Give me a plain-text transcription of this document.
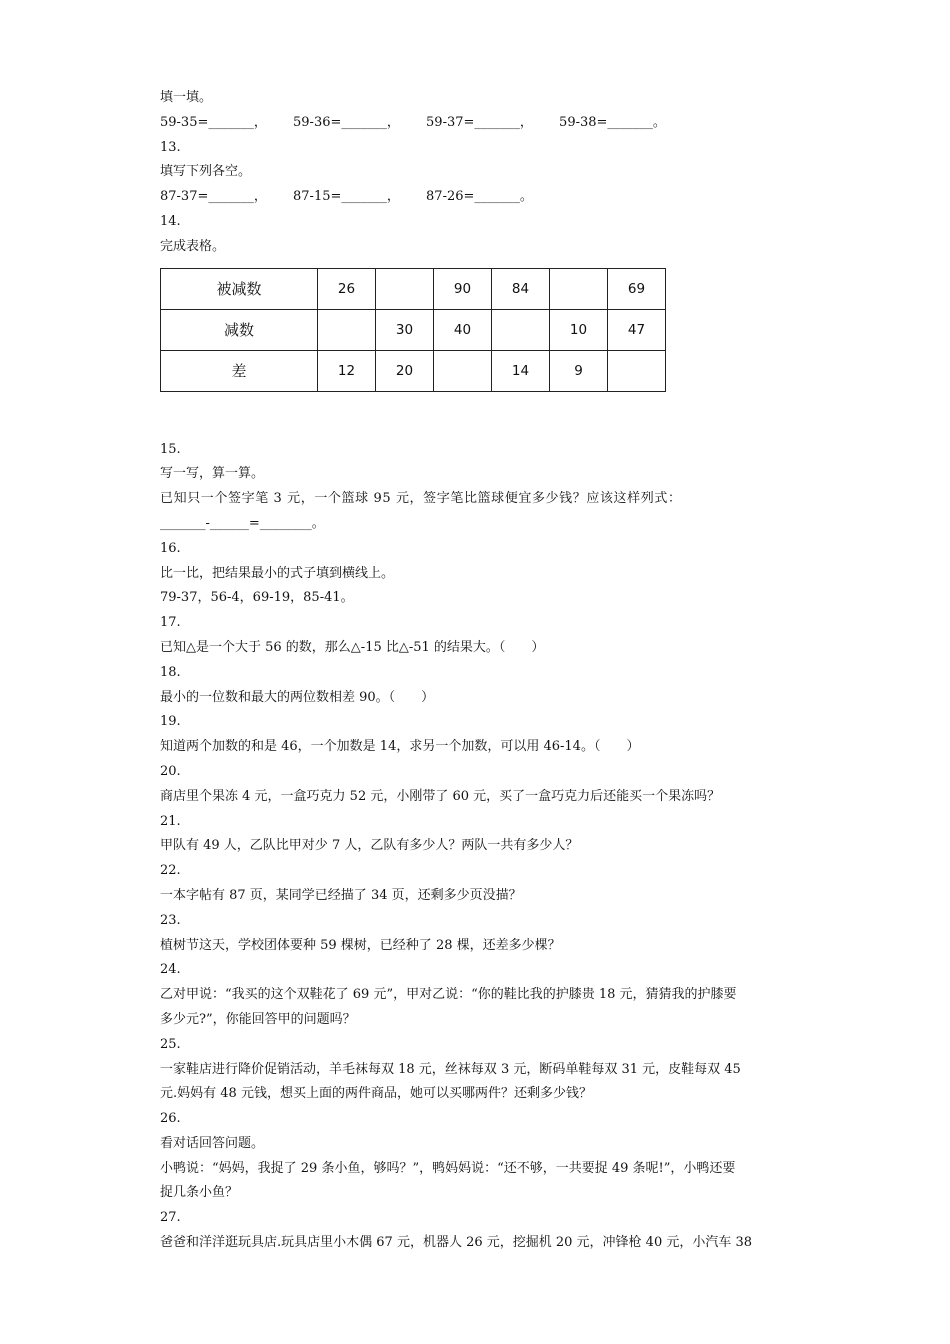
填一填。
59-35=_______， 59-36=_______， 59-37=_______， 59-38=_______。
13.
填写下列各空。
87-37=_______， 87-15=_______， 87-26=_______。
14.
完成表格。
被减数	26		90	84		69
减数		30	40		10	47
差	12	20		14	9	
15.
写一写，算一算。
已知只一个签字笔 3 元，一个篮球 95 元，签字笔比篮球便宜多少钱？应该这样列式：
_______-______=________。
16.
比一比，把结果最小的式子填到横线上。
79-37，56-4，69-19，85-41。
17.
已知△是一个大于 56 的数，那么△-15 比△-51 的结果大。（　　）
18.
最小的一位数和最大的两位数相差 90。（　　）
19.
知道两个加数的和是 46，一个加数是 14，求另一个加数，可以用 46-14。（　　）
20.
商店里个果冻 4 元，一盒巧克力 52 元，小刚带了 60 元，买了一盒巧克力后还能买一个果冻吗？
21.
甲队有 49 人，乙队比甲对少 7 人，乙队有多少人？两队一共有多少人？
22.
一本字帖有 87 页，某同学已经描了 34 页，还剩多少页没描？
23.
植树节这天，学校团体要种 59 棵树，已经种了 28 棵，还差多少棵？
24.
乙对甲说：“我买的这个双鞋花了 69 元”，甲对乙说：“你的鞋比我的护膝贵 18 元，猜猜我的护膝要
多少元?”，你能回答甲的问题吗？
25.
一家鞋店进行降价促销活动，羊毛袜每双 18 元，丝袜每双 3 元，断码单鞋每双 31 元，皮鞋每双 45
元.妈妈有 48 元钱，想买上面的两件商品，她可以买哪两件？还剩多少钱？
26.
看对话回答问题。
小鸭说：“妈妈，我捉了 29 条小鱼，够吗？”，鸭妈妈说：“还不够，一共要捉 49 条呢!”，小鸭还要
捉几条小鱼？
27.
爸爸和洋洋逛玩具店.玩具店里小木偶 67 元，机器人 26 元，挖掘机 20 元，冲锋枪 40 元，小汽车 38
